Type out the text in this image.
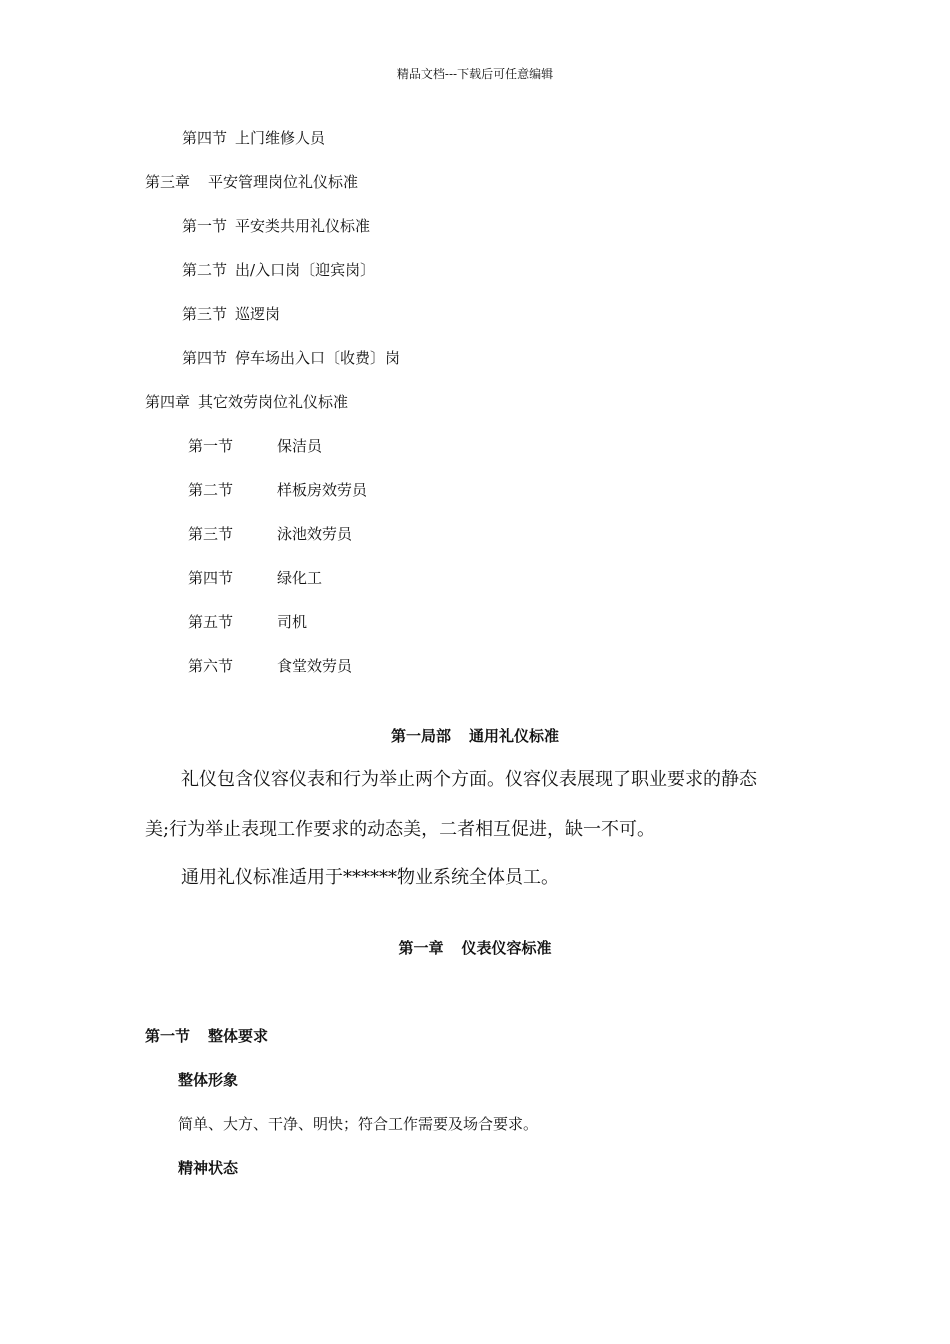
精品文档---下载后可任意编辑
第四节 上门维修人员
第三章 平安管理岗位礼仪标准
第一节 平安类共用礼仪标准
第二节 出/入口岗〔迎宾岗〕
第三节 巡逻岗
第四节 停车场出入口〔收费〕岗
第四章 其它效劳岗位礼仪标准
第一节	保洁员
第二节	样板房效劳员
第三节	泳池效劳员
第四节	绿化工
第五节	司机
第六节	食堂效劳员
第一局部 通用礼仪标准
礼仪包含仪容仪表和行为举止两个方面。仪容仪表展现了职业要求的静态
美;行为举止表现工作要求的动态美，二者相互促进，缺一不可。
通用礼仪标准适用于******物业系统全体员工。
第一章 仪表仪容标准
第一节 整体要求
整体形象
简单、大方、干净、明快；符合工作需要及场合要求。
精神状态
